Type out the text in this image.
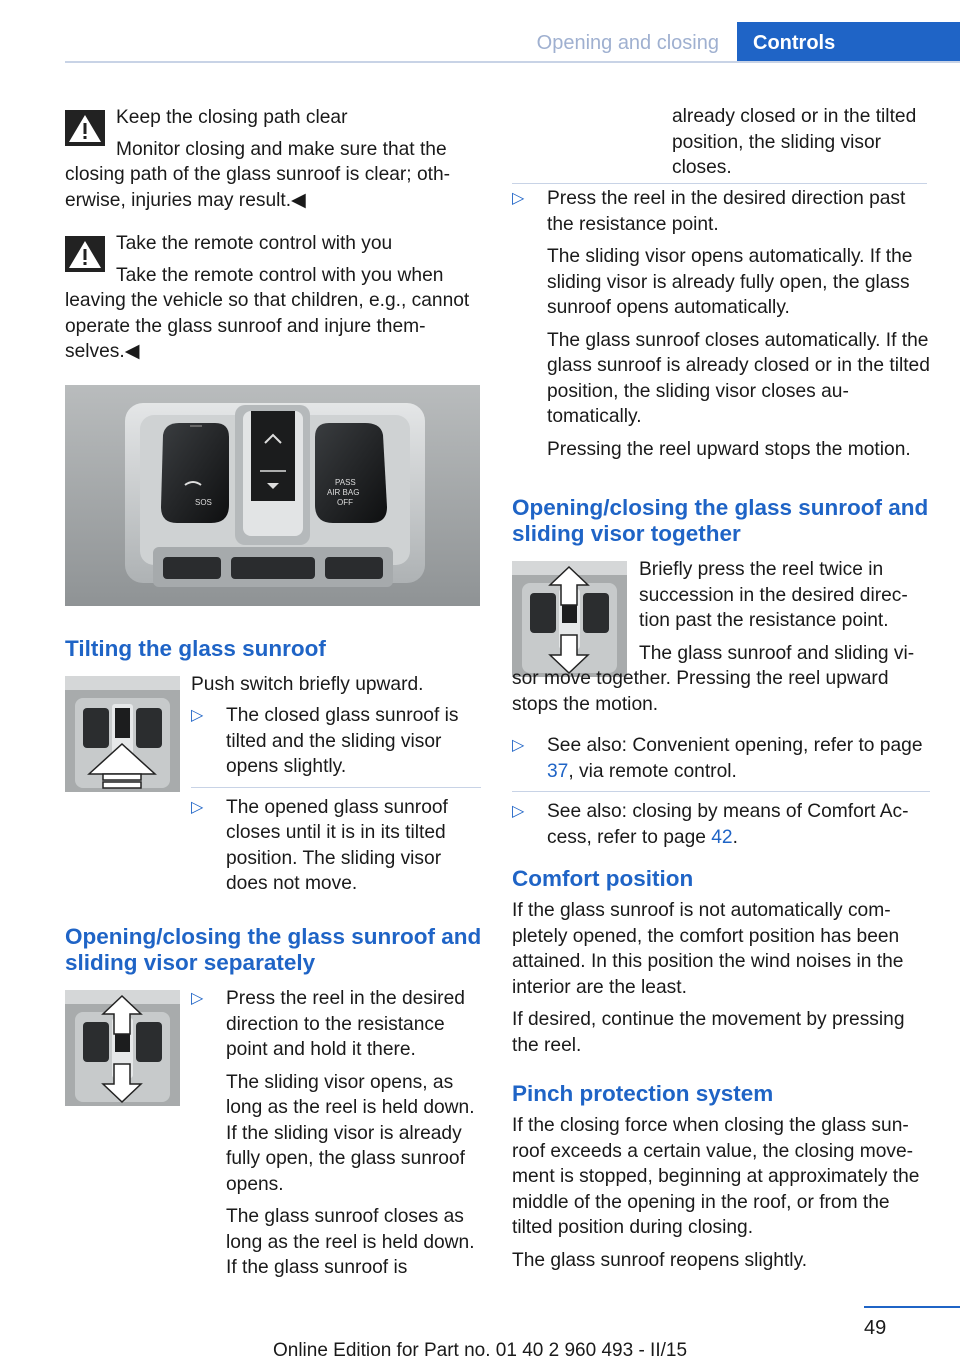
Opening and closing	Controls

Keep the closing path clear

Monitor closing and make sure that the closing path of the glass sunroof is clear; otherwise, injuries may result.◀

Take the remote control with you

Take the remote control with you when leaving the vehicle so that children, e.g., cannot operate the glass sunroof and injure themselves.◀

SOS
PASS
AIR BAG
OFF
Tilting the glass sunroof
Push switch briefly upward.
▷ The closed glass sunroof is tilted and the sliding visor opens slightly.
▷ The opened glass sunroof closes until it is in its tilted position. The sliding visor does not move.
Opening/closing the glass sunroof and sliding visor separately
▷ Press the reel in the desired direction to the resistance point and hold it there.

The sliding visor opens, as long as the reel is held down. If the sliding visor is already fully open, the glass sunroof opens.

The glass sunroof closes as long as the reel is held down. If the glass sunroof is

already closed or in the tilted position, the sliding visor closes.
▷ Press the reel in the desired direction past the resistance point.

The sliding visor opens automatically. If the sliding visor is already fully open, the glass sunroof opens automatically.

The glass sunroof closes automatically. If the glass sunroof is already closed or in the tilted position, the sliding visor closes automatically.

Pressing the reel upward stops the motion.

Opening/closing the glass sunroof and sliding visor together

Briefly press the reel twice in succession in the desired direction past the resistance point.

The glass sunroof and sliding visor move together. Pressing the reel upward stops the motion.

▷ See also: Convenient opening, refer to page 37, via remote control.
▷ See also: closing by means of Comfort Access, refer to page 42.
Comfort position

If the glass sunroof is not automatically completely opened, the comfort position has been attained. In this position the wind noises in the interior are the least.

If desired, continue the movement by pressing the reel.

Pinch protection system

If the closing force when closing the glass sunroof exceeds a certain value, the closing movement is stopped, beginning at approximately the middle of the opening in the roof, or from the tilted position during closing.

The glass sunroof reopens slightly.

49
Online Edition for Part no. 01 40 2 960 493 - II/15
